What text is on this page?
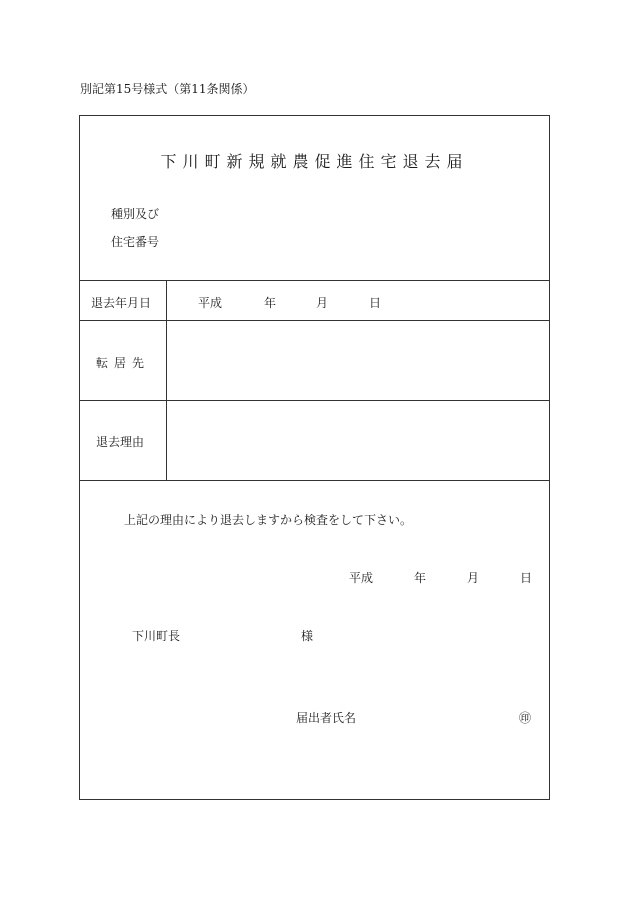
別記第15号様式（第11条関係）
下川町新規就農促進住宅退去届
種別及び
住宅番号
退去年月日	平成	年	月	日
転居先
退去理由
上記の理由により退去しますから検査をして下さい。
平成	年	月	日
下川町長	様
届出者氏名	㊞
